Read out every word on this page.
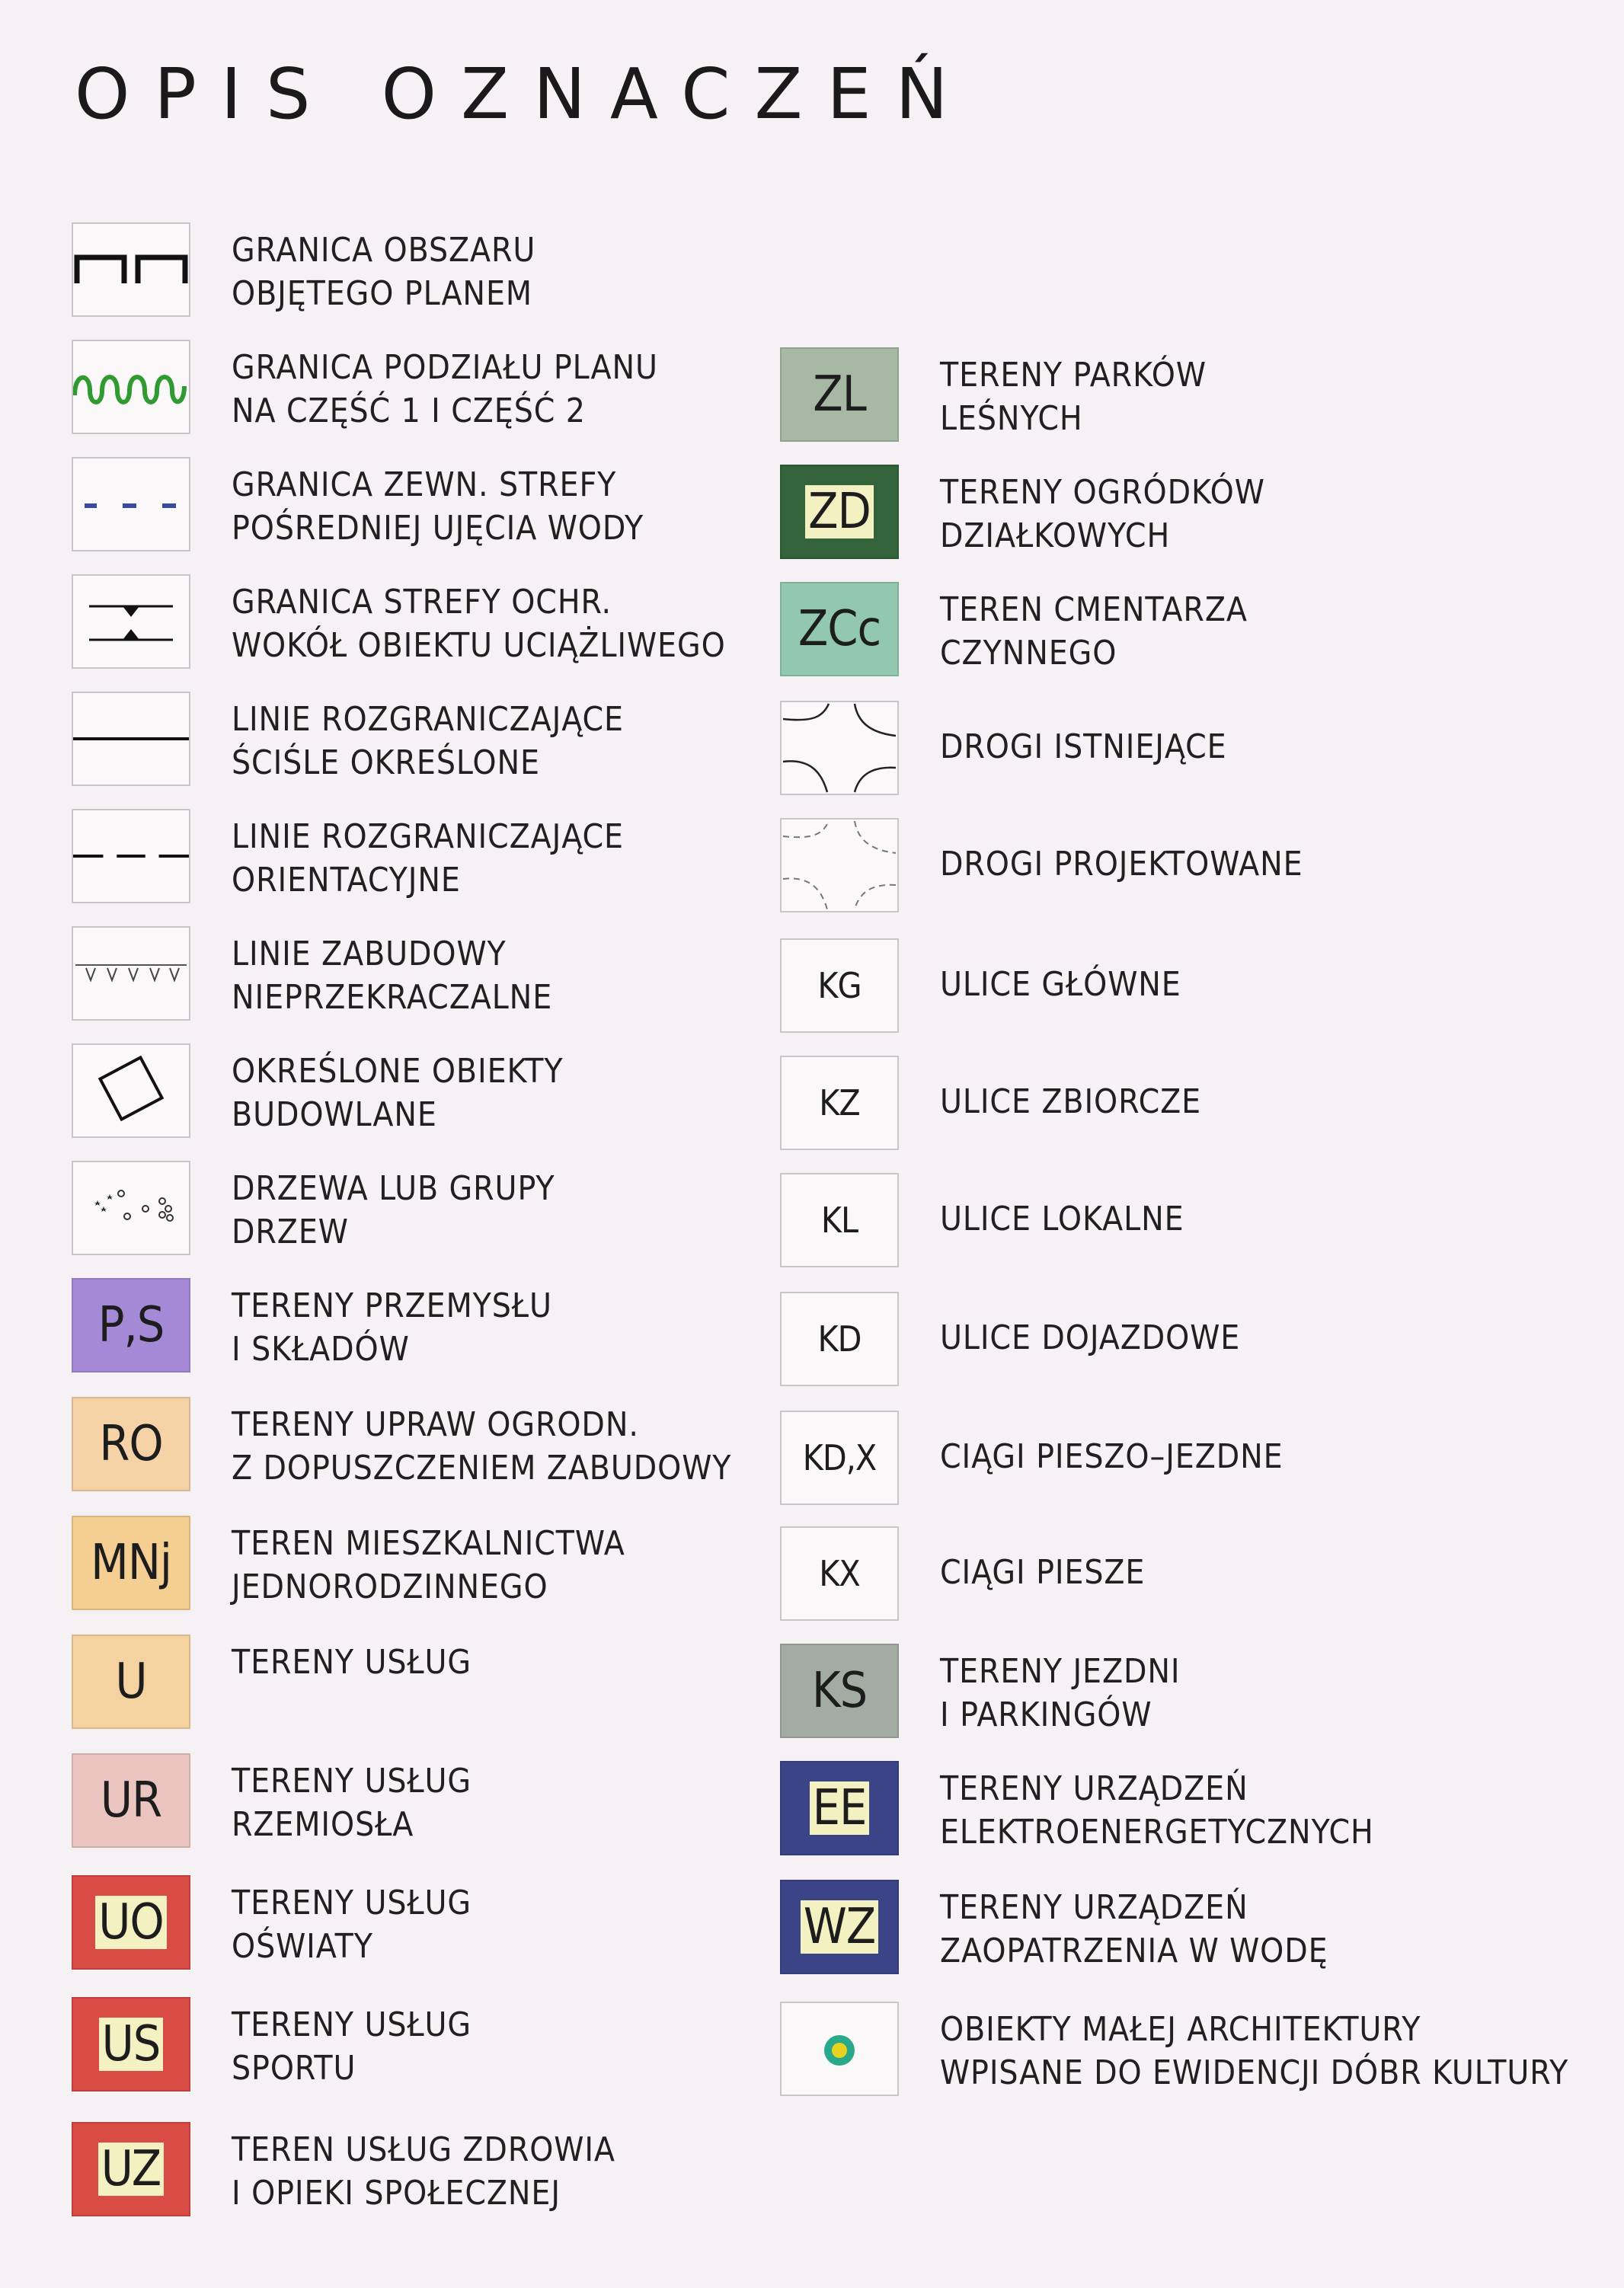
OPIS OZNACZEŃ
GRANICA OBSZARU
OBJĘTEGO PLANEM
GRANICA PODZIAŁU PLANU
NA CZĘŚĆ 1 I CZĘŚĆ 2
GRANICA ZEWN. STREFY
POŚREDNIEJ UJĘCIA WODY
GRANICA STREFY OCHR.
WOKÓŁ OBIEKTU UCIĄŻLIWEGO
LINIE ROZGRANICZAJĄCE
ŚCIŚLE OKREŚLONE
LINIE ROZGRANICZAJĄCE
ORIENTACYJNE
LINIE ZABUDOWY
NIEPRZEKRACZALNE
OKREŚLONE OBIEKTY
BUDOWLANE
DRZEWA LUB GRUPY
DRZEW
P,S TERENY PRZEMYSŁU
I SKŁADÓW
RO TERENY UPRAW OGRODN.
Z DOPUSZCZENIEM ZABUDOWY
MNj TEREN MIESZKALNICTWA
JEDNORODZINNEGO
U	TERENY USŁUG
UR TERENY USŁUG
RZEMIOSŁA
UO TERENY USŁUG
OŚWIATY
US TERENY USŁUG
SPORTU
UZ TEREN USŁUG ZDROWIA
I OPIEKI SPOŁECZNEJ
ZL TERENY PARKÓW
LEŚNYCH
ZD TERENY OGRÓDKÓW
DZIAŁKOWYCH
ZCc TEREN CMENTARZA
CZYNNEGO
DROGI ISTNIEJĄCE
DROGI PROJEKTOWANE
KG ULICE GŁÓWNE
KZ ULICE ZBIORCZE
KL ULICE LOKALNE
KD ULICE DOJAZDOWE
KD,X CIĄGI PIESZO–JEZDNE
KX CIĄGI PIESZE
KS TERENY JEZDNI
I PARKINGÓW
EE TERENY URZĄDZEŃ
ELEKTROENERGETYCZNYCH
WZ TERENY URZĄDZEŃ
ZAOPATRZENIA W WODĘ
OBIEKTY MAŁEJ ARCHITEKTURY
WPISANE DO EWIDENCJI DÓBR KULTURY
